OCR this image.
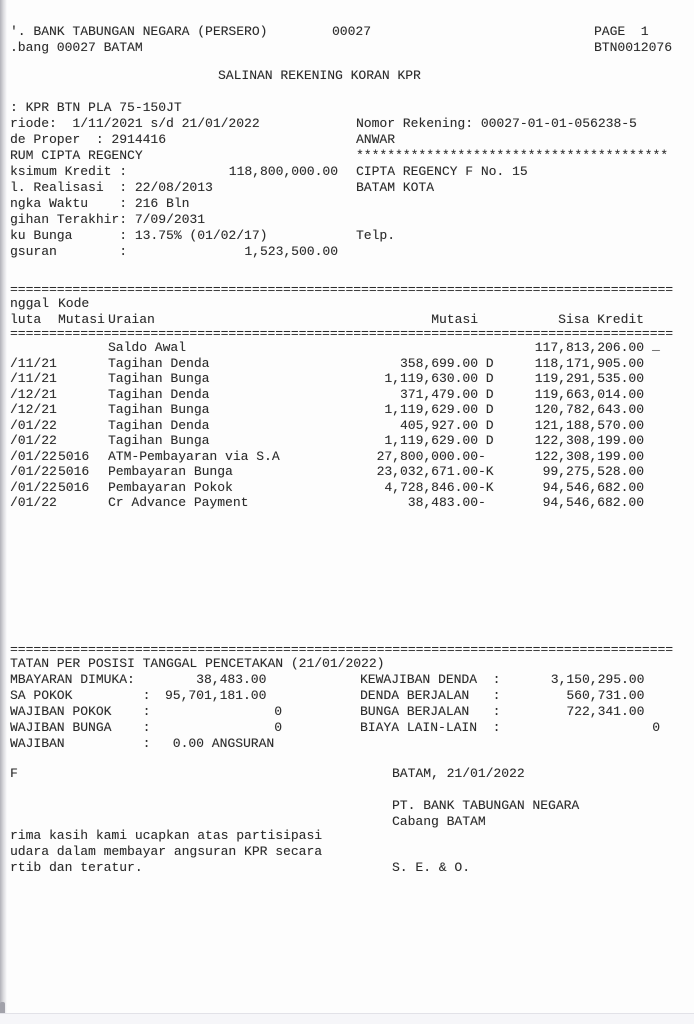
'. BANK TABUNGAN NEGARA (PERSERO)	00027	PAGE  1
.bang 00027 BATAM	BTN0012076
SALINAN REKENING KORAN KPR
: KPR BTN PLA 75-150JT
riode:  1/11/2021 s/d 21/01/2022
de Proper  : 2914416
RUM CIPTA REGENCY
ksimum Kredit :	118,800,000.00
l. Realisasi  : 22/08/2013
ngka Waktu    : 216 Bln
gihan Terakhir: 7/09/2031
ku Bunga      : 13.75% (01/02/17)
gsuran        :	1,523,500.00
Nomor Rekening: 00027-01-01-056238-5
ANWAR
****************************************
CIPTA REGENCY F No. 15
BATAM KOTA
Telp.
=====================================================================================
nggal Kode
luta	Mutasi Uraian	Mutasi	Sisa Kredit
=====================================================================================
Saldo Awal	117,813,206.00
/11/21	Tagihan Denda	358,699.00 D	118,171,905.00
/11/21	Tagihan Bunga	1,119,630.00 D	119,291,535.00
/12/21	Tagihan Denda	371,479.00 D	119,663,014.00
/12/21	Tagihan Bunga	1,119,629.00 D	120,782,643.00
/01/22	Tagihan Denda	405,927.00 D	121,188,570.00
/01/22	Tagihan Bunga	1,119,629.00 D	122,308,199.00
/01/22 5016	ATM-Pembayaran via S.A	27,800,000.00 -	122,308,199.00
/01/22 5016	Pembayaran Bunga	23,032,671.00 -K	99,275,528.00
/01/22 5016	Pembayaran Pokok	4,728,846.00 -K	94,546,682.00
/01/22	Cr Advance Payment	38,483.00 -	94,546,682.00
_
=====================================================================================
TATAN PER POSISI TANGGAL PENCETAKAN (21/01/2022)
MBAYARAN DIMUKA:	38,483.00	KEWAJIBAN DENDA  :	3,150,295.00
SA POKOK         :	95,701,181.00	DENDA BERJALAN   :	560,731.00
WAJIBAN POKOK    :	0	BUNGA BERJALAN   :	722,341.00
WAJIBAN BUNGA    :	0	BIAYA LAIN-LAIN  :	0
WAJIBAN          :	0.00 ANGSURAN
F	BATAM, 21/01/2022
PT. BANK TABUNGAN NEGARA
Cabang BATAM
rima kasih kami ucapkan atas partisipasi
udara dalam membayar angsuran KPR secara
rtib dan teratur.	S. E. & O.
